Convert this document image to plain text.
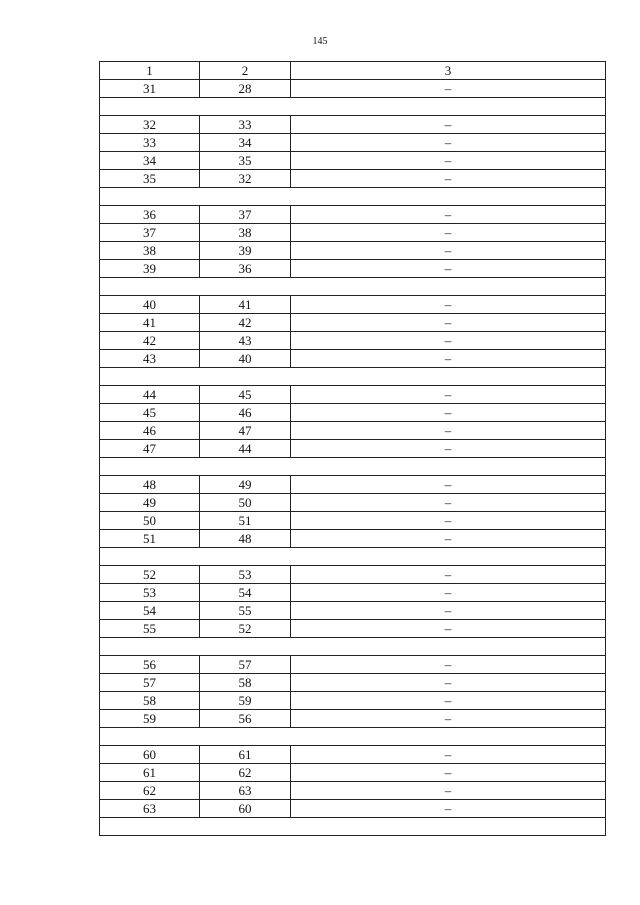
145
1	2	3
31	28	–

32	33	–
33	34	–
34	35	–
35	32	–

36	37	–
37	38	–
38	39	–
39	36	–

40	41	–
41	42	–
42	43	–
43	40	–

44	45	–
45	46	–
46	47	–
47	44	–

48	49	–
49	50	–
50	51	–
51	48	–

52	53	–
53	54	–
54	55	–
55	52	–

56	57	–
57	58	–
58	59	–
59	56	–

60	61	–
61	62	–
62	63	–
63	60	–
